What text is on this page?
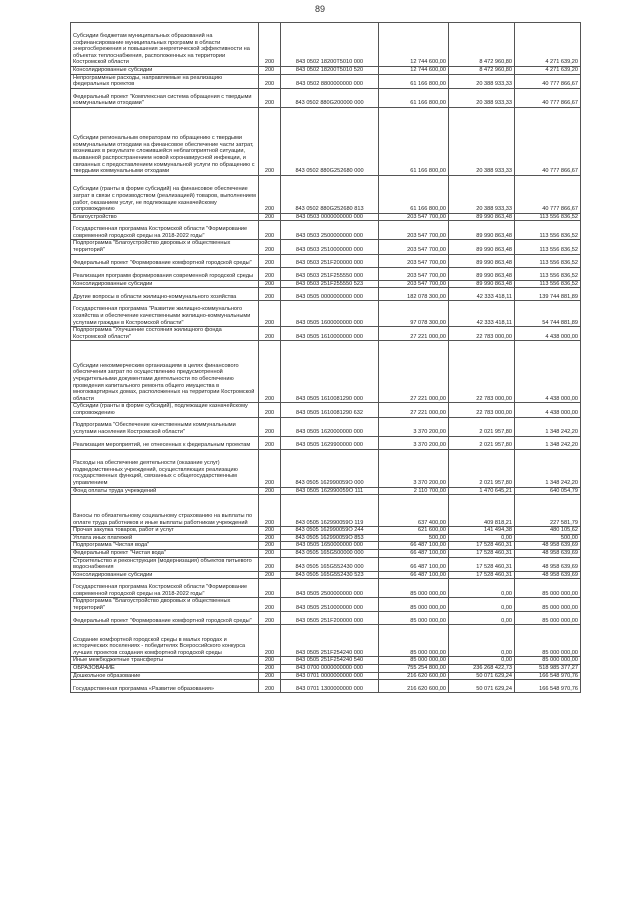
89
Субсидии бюджетам муниципальных образований на софинансирование муниципальных программ в области энергосбережения и повышения энергетической эффективности на объектах теплоснабжения, расположенных на территории Костромской области	200	843 0502 18200T5010 000	12 744 600,00	8 472 960,80	4 271 639,20
Консолидированные субсидии	200	843 0502 18200T5010 520	12 744 600,00	8 472 960,80	4 271 639,20
Непрограммные расходы, направляемые на реализацию федеральных проектов	200	843 0502 8800000000 000	61 166 800,00	20 388 933,33	40 777 866,67
Федеральный проект "Комплексная система обращения с твердыми коммунальными отходами"	200	843 0502 880G200000 000	61 166 800,00	20 388 933,33	40 777 866,67
Субсидии региональным операторам по обращению с твердыми коммунальными отходами на финансовое обеспечение части затрат, возникших в результате сложившейся неблагоприятной ситуации, вызванной распространением новой коронавирусной инфекции, и связанных с предоставлением коммунальной услуги по обращению с твердыми коммунальными отходами	200	843 0502 880G252680 000	61 166 800,00	20 388 933,33	40 777 866,67
Субсидии (гранты в форме субсидий) на финансовое обеспечение затрат в связи с производством (реализацией) товаров, выполнением работ, оказанием услуг, не подлежащие казначейскому сопровождению	200	843 0502 880G252680 813	61 166 800,00	20 388 933,33	40 777 866,67
Благоустройство	200	843 0503 0000000000 000	203 547 700,00	89 990 863,48	113 556 836,52
Государственная программа Костромской области "Формирование современной городской среды на 2018-2022 годы"	200	843 0503 2500000000 000	203 547 700,00	89 990 863,48	113 556 836,52
Подпрограмма "Благоустройство дворовых и общественных территорий"	200	843 0503 2510000000 000	203 547 700,00	89 990 863,48	113 556 836,52
Федеральный проект "Формирование комфортной городской среды"	200	843 0503 251F200000 000	203 547 700,00	89 990 863,48	113 556 836,52
Реализация программ формирования современной городской среды	200	843 0503 251F255550 000	203 547 700,00	89 990 863,48	113 556 836,52
Консолидированные субсидии	200	843 0503 251F255550 523	203 547 700,00	89 990 863,48	113 556 836,52
Другие вопросы в области жилищно-коммунального хозяйства	200	843 0505 0000000000 000	182 078 300,00	42 333 418,11	139 744 881,89
Государственная программа "Развитие жилищно-коммунального хозяйства и обеспечение качественными жилищно-коммунальными услугами граждан в Костромской области"	200	843 0505 1600000000 000	97 078 300,00	42 333 418,11	54 744 881,89
Подпрограмма "Улучшение состояния жилищного фонда Костромской области"	200	843 0505 1610000000 000	27 221 000,00	22 783 000,00	4 438 000,00
Субсидии некоммерческим организациям в целях финансового обеспечения затрат по осуществлению предусмотренной учредительными документами деятельности по обеспечению проведения капитального ремонта общего имущества в многоквартирных домах, расположенных на территории Костромской области	200	843 0505 1610081290 000	27 221 000,00	22 783 000,00	4 438 000,00
Субсидии (гранты в форме субсидий), подлежащие казначейскому сопровождению	200	843 0505 1610081290 632	27 221 000,00	22 783 000,00	4 438 000,00
Подпрограмма "Обеспечение качественными коммунальными услугами населения Костромской области"	200	843 0505 1620000000 000	3 370 200,00	2 021 957,80	1 348 242,20
Реализация мероприятий, не отнесенных к федеральным проектам	200	843 0505 1629900000 000	3 370 200,00	2 021 957,80	1 348 242,20
Расходы на обеспечение деятельности (оказание услуг) подведомственных учреждений, осуществляющих реализацию государственных функций, связанных с общегосударственным управлением	200	843 0505 162990059О 000	3 370 200,00	2 021 957,80	1 348 242,20
Фонд оплаты труда учреждений	200	843 0505 162990059О 111	2 110 700,00	1 470 645,21	640 054,79
Взносы по обязательному социальному страхованию на выплаты по оплате труда работников и иные выплаты работникам учреждений	200	843 0505 162990059О 119	637 400,00	409 818,21	227 581,79
Прочая закупка товаров, работ и услуг	200	843 0505 162990059О 244	621 600,00	141 494,38	480 105,62
Уплата иных платежей	200	843 0505 162990059О 853	500,00	0,00	500,00
Подпрограмма "Чистая вода"	200	843 0505 1650000000 000	66 487 100,00	17 528 460,31	48 958 639,69
Федеральный проект "Чистая вода"	200	843 0505 165G500000 000	66 487 100,00	17 528 460,31	48 958 639,69
Строительство и реконструкция (модернизация) объектов питьевого водоснабжения	200	843 0505 165G552430 000	66 487 100,00	17 528 460,31	48 958 639,69
Консолидированные субсидии	200	843 0505 165G552430 523	66 487 100,00	17 528 460,31	48 958 639,69
Государственная программа Костромской области "Формирование современной городской среды на 2018-2022 годы"	200	843 0505 2500000000 000	85 000 000,00	0,00	85 000 000,00
Подпрограмма "Благоустройство дворовых и общественных территорий"	200	843 0505 2510000000 000	85 000 000,00	0,00	85 000 000,00
Федеральный проект "Формирование комфортной городской среды"	200	843 0505 251F200000 000	85 000 000,00	0,00	85 000 000,00
Создание комфортной городской среды в малых городах и исторических поселениях - победителях Всероссийского конкурса лучших проектов создания комфортной городской среды	200	843 0505 251F254240 000	85 000 000,00	0,00	85 000 000,00
Иные межбюджетные трансферты	200	843 0505 251F254240 540	85 000 000,00	0,00	85 000 000,00
ОБРАЗОВАНИЕ	200	843 0700 0000000000 000	755 254 800,00	236 268 422,73	518 985 377,27
Дошкольное образование	200	843 0701 0000000000 000	216 620 600,00	50 071 629,24	166 548 970,76
Государственная программа «Развитие образования»	200	843 0701 1300000000 000	216 620 600,00	50 071 629,24	166 548 970,76
